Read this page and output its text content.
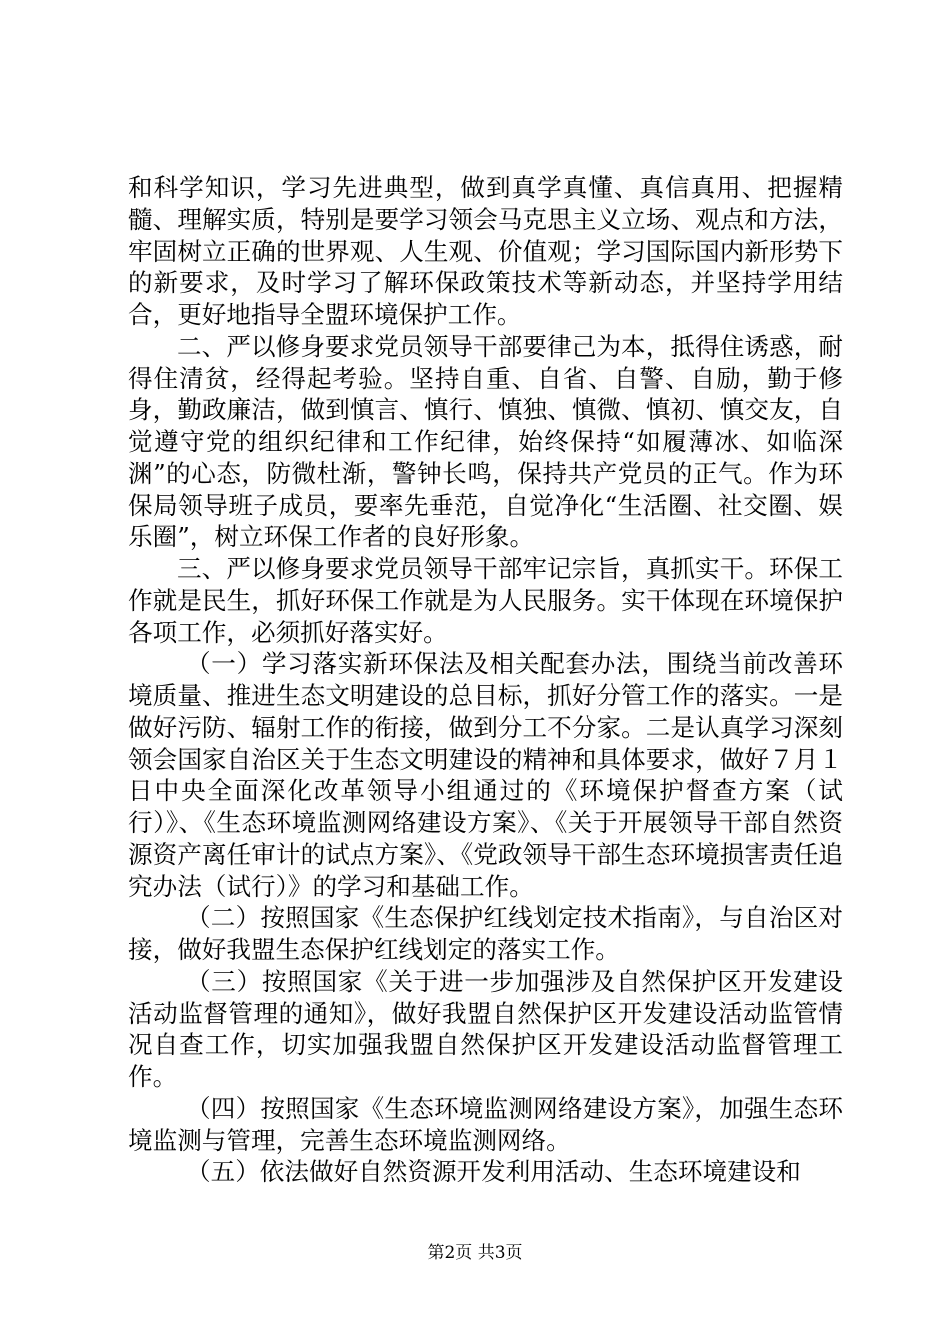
和科学知识，学习先进典型，做到真学真懂、真信真用、把握精髓、理解实质，特别是要学习领会马克思主义立场、观点和方法，牢固树立正确的世界观、人生观、价值观；学习国际国内新形势下的新要求，及时学习了解环保政策技术等新动态，并坚持学用结合，更好地指导全盟环境保护工作。

二、严以修身要求党员领导干部要律己为本，抵得住诱惑，耐得住清贫，经得起考验。坚持自重、自省、自警、自励，勤于修身，勤政廉洁，做到慎言、慎行、慎独、慎微、慎初、慎交友，自觉遵守党的组织纪律和工作纪律，始终保持“如履薄冰、如临深渊”的心态，防微杜渐，警钟长鸣，保持共产党员的正气。作为环保局领导班子成员，要率先垂范，自觉净化“生活圈、社交圈、娱乐圈”，树立环保工作者的良好形象。

三、严以修身要求党员领导干部牢记宗旨，真抓实干。环保工作就是民生，抓好环保工作就是为人民服务。实干体现在环境保护各项工作，必须抓好落实好。

（一）学习落实新环保法及相关配套办法，围绕当前改善环境质量、推进生态文明建设的总目标，抓好分管工作的落实。一是做好污防、辐射工作的衔接，做到分工不分家。二是认真学习深刻领会国家自治区关于生态文明建设的精神和具体要求，做好７月１日中央全面深化改革领导小组通过的《环境保护督查方案（试行）》、《生态环境监测网络建设方案》、《关于开展领导干部自然资源资产离任审计的试点方案》、《党政领导干部生态环境损害责任追究办法（试行）》的学习和基础工作。

（二）按照国家《生态保护红线划定技术指南》，与自治区对接，做好我盟生态保护红线划定的落实工作。

（三）按照国家《关于进一步加强涉及自然保护区开发建设活动监督管理的通知》，做好我盟自然保护区开发建设活动监管情况自查工作，切实加强我盟自然保护区开发建设活动监督管理工作。

（四）按照国家《生态环境监测网络建设方案》，加强生态环境监测与管理，完善生态环境监测网络。

（五）依法做好自然资源开发利用活动、生态环境建设和

第2页 共3页
